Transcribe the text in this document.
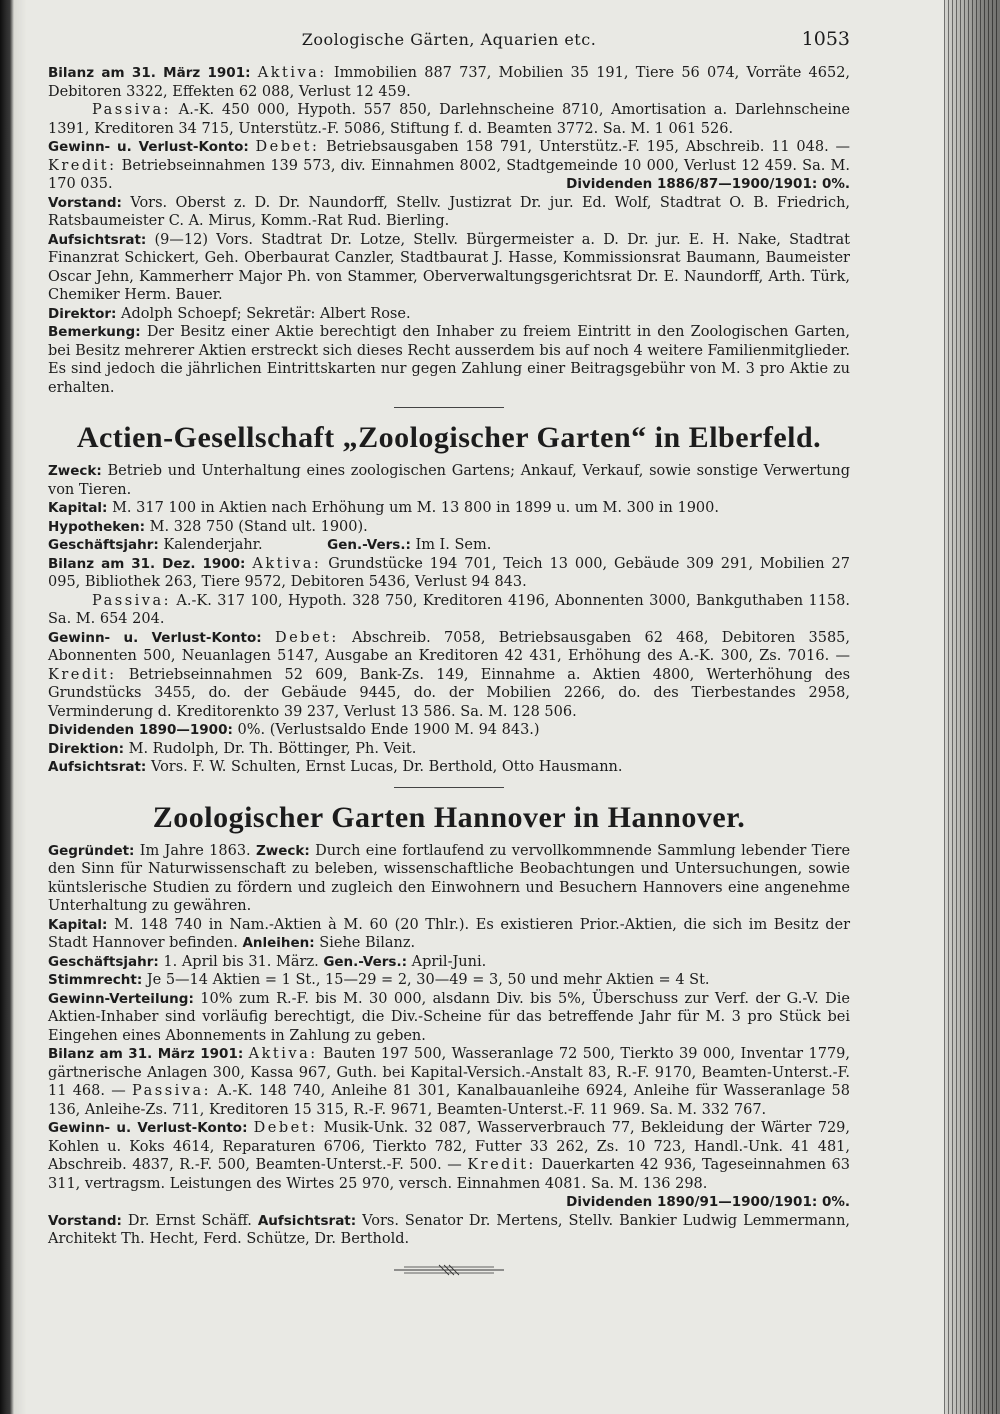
Zoologische Gärten, Aquarien etc.	1053

Bilanz am 31. März 1901: Aktiva: Immobilien 887 737, Mobilien 35 191, Tiere 56 074, Vorräte 4652, Debitoren 3322, Effekten 62 088, Verlust 12 459.

Passiva: A.-K. 450 000, Hypoth. 557 850, Darlehnscheine 8710, Amortisation a. Darlehnscheine 1391, Kreditoren 34 715, Unterstütz.-F. 5086, Stiftung f. d. Beamten 3772. Sa. M. 1 061 526.

Gewinn- u. Verlust-Konto: Debet: Betriebsausgaben 158 791, Unterstütz.-F. 195, Abschreib. 11 048. — Kredit: Betriebseinnahmen 139 573, div. Einnahmen 8002, Stadtgemeinde 10 000, Verlust 12 459. Sa. M. 170 035.	Dividenden 1886/87—1900/1901: 0%.

Vorstand: Vors. Oberst z. D. Dr. Naundorff, Stellv. Justizrat Dr. jur. Ed. Wolf, Stadtrat O. B. Friedrich, Ratsbaumeister C. A. Mirus, Komm.-Rat Rud. Bierling.

Aufsichtsrat: (9—12) Vors. Stadtrat Dr. Lotze, Stellv. Bürgermeister a. D. Dr. jur. E. H. Nake, Stadtrat Finanzrat Schickert, Geh. Oberbaurat Canzler, Stadtbaurat J. Hasse, Kommissionsrat Baumann, Baumeister Oscar Jehn, Kammerherr Major Ph. von Stammer, Oberverwaltungsgerichtsrat Dr. E. Naundorff, Arth. Türk, Chemiker Herm. Bauer.

Direktor: Adolph Schoepf; Sekretär: Albert Rose.

Bemerkung: Der Besitz einer Aktie berechtigt den Inhaber zu freiem Eintritt in den Zoologischen Garten, bei Besitz mehrerer Aktien erstreckt sich dieses Recht ausserdem bis auf noch 4 weitere Familienmitglieder. Es sind jedoch die jährlichen Eintrittskarten nur gegen Zahlung einer Beitragsgebühr von M. 3 pro Aktie zu erhalten.

Actien-Gesellschaft „Zoologischer Garten“ in Elberfeld.

Zweck: Betrieb und Unterhaltung eines zoologischen Gartens; Ankauf, Verkauf, sowie sonstige Verwertung von Tieren.

Kapital: M. 317 100 in Aktien nach Erhöhung um M. 13 800 in 1899 u. um M. 300 in 1900.

Hypotheken: M. 328 750 (Stand ult. 1900).

Geschäftsjahr: Kalenderjahr.	Gen.-Vers.: Im I. Sem.

Bilanz am 31. Dez. 1900: Aktiva: Grundstücke 194 701, Teich 13 000, Gebäude 309 291, Mobilien 27 095, Bibliothek 263, Tiere 9572, Debitoren 5436, Verlust 94 843.

Passiva: A.-K. 317 100, Hypoth. 328 750, Kreditoren 4196, Abonnenten 3000, Bankguthaben 1158. Sa. M. 654 204.

Gewinn- u. Verlust-Konto: Debet: Abschreib. 7058, Betriebsausgaben 62 468, Debitoren 3585, Abonnenten 500, Neuanlagen 5147, Ausgabe an Kreditoren 42 431, Erhöhung des A.-K. 300, Zs. 7016. — Kredit: Betriebseinnahmen 52 609, Bank-Zs. 149, Einnahme a. Aktien 4800, Werterhöhung des Grundstücks 3455, do. der Gebäude 9445, do. der Mobilien 2266, do. des Tierbestandes 2958, Verminderung d. Kreditorenkto 39 237, Verlust 13 586. Sa. M. 128 506.

Dividenden 1890—1900: 0%. (Verlustsaldo Ende 1900 M. 94 843.)

Direktion: M. Rudolph, Dr. Th. Böttinger, Ph. Veit.

Aufsichtsrat: Vors. F. W. Schulten, Ernst Lucas, Dr. Berthold, Otto Hausmann.

Zoologischer Garten Hannover in Hannover.

Gegründet: Im Jahre 1863. Zweck: Durch eine fortlaufend zu vervollkommnende Sammlung lebender Tiere den Sinn für Naturwissenschaft zu beleben, wissenschaftliche Beobachtungen und Untersuchungen, sowie küntslerische Studien zu fördern und zugleich den Einwohnern und Besuchern Hannovers eine angenehme Unterhaltung zu gewähren.

Kapital: M. 148 740 in Nam.-Aktien à M. 60 (20 Thlr.). Es existieren Prior.-Aktien, die sich im Besitz der Stadt Hannover befinden. Anleihen: Siehe Bilanz.

Geschäftsjahr: 1. April bis 31. März. Gen.-Vers.: April-Juni.

Stimmrecht: Je 5—14 Aktien = 1 St., 15—29 = 2, 30—49 = 3, 50 und mehr Aktien = 4 St.

Gewinn-Verteilung: 10% zum R.-F. bis M. 30 000, alsdann Div. bis 5%, Überschuss zur Verf. der G.-V. Die Aktien-Inhaber sind vorläufig berechtigt, die Div.-Scheine für das betreffende Jahr für M. 3 pro Stück bei Eingehen eines Abonnements in Zahlung zu geben.

Bilanz am 31. März 1901: Aktiva: Bauten 197 500, Wasseranlage 72 500, Tierkto 39 000, Inventar 1779, gärtnerische Anlagen 300, Kassa 967, Guth. bei Kapital-Versich.-Anstalt 83, R.-F. 9170, Beamten-Unterst.-F. 11 468. — Passiva: A.-K. 148 740, Anleihe 81 301, Kanalbauanleihe 6924, Anleihe für Wasseranlage 58 136, Anleihe-Zs. 711, Kreditoren 15 315, R.-F. 9671, Beamten-Unterst.-F. 11 969. Sa. M. 332 767.

Gewinn- u. Verlust-Konto: Debet: Musik-Unk. 32 087, Wasserverbrauch 77, Bekleidung der Wärter 729, Kohlen u. Koks 4614, Reparaturen 6706, Tierkto 782, Futter 33 262, Zs. 10 723, Handl.-Unk. 41 481, Abschreib. 4837, R.-F. 500, Beamten-Unterst.-F. 500. — Kredit: Dauerkarten 42 936, Tageseinnahmen 63 311, vertragsm. Leistungen des Wirtes 25 970, versch. Einnahmen 4081. Sa. M. 136 298.
Dividenden 1890/91—1900/1901: 0%.

Vorstand: Dr. Ernst Schäff. Aufsichtsrat: Vors. Senator Dr. Mertens, Stellv. Bankier Ludwig Lemmermann, Architekt Th. Hecht, Ferd. Schütze, Dr. Berthold.
